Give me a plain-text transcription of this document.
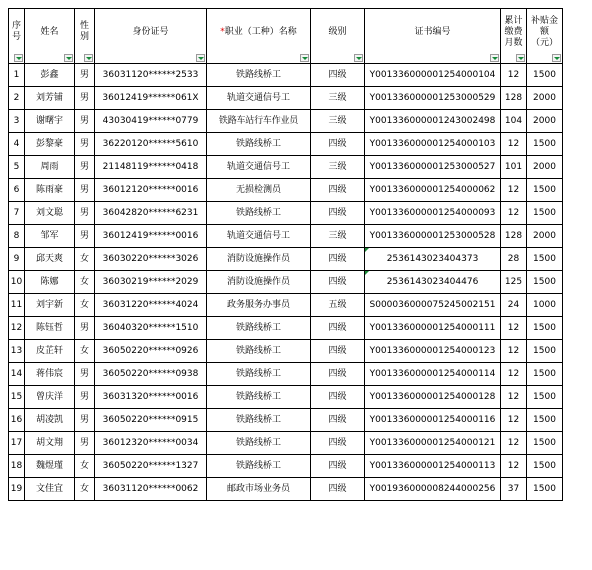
序号	姓名	性别	身份证号	*职业（工种）名称	级别	证书编号	累计缴费月数	补贴金额（元）

1	彭鑫	男	36031120******2533	铁路线桥工	四级	Y001336000001254000104	12	1500
2	刘芳铺	男	36012419******061X	轨道交通信号工	三级	Y001336000001253000529	128	2000
3	谢曙宇	男	43030419******0779	铁路车站行车作业员	三级	Y001336000001243002498	104	2000
4	彭黎豪	男	36220120******5610	铁路线桥工	四级	Y001336000001254000103	12	1500
5	周雨	男	21148119******0418	轨道交通信号工	三级	Y001336000001253000527	101	2000
6	陈雨豪	男	36012120******0016	无损检测员	四级	Y001336000001254000062	12	1500
7	刘文聪	男	36042820******6231	铁路线桥工	四级	Y001336000001254000093	12	1500
8	邹军	男	36012419******0016	轨道交通信号工	三级	Y001336000001253000528	128	2000
9	邱天爽	女	36030220******3026	消防设施操作员	四级	2536143023404373	28	1500
10	陈娜	女	36030219******2029	消防设施操作员	四级	2536143023404476	125	1500
11	刘宇新	女	36031220******4024	政务服务办事员	五级	S000036000075245002151	24	1000
12	陈钰哲	男	36040320******1510	铁路线桥工	四级	Y001336000001254000111	12	1500
13	皮芷轩	女	36050220******0926	铁路线桥工	四级	Y001336000001254000123	12	1500
14	蒋伟宸	男	36050220******0938	铁路线桥工	四级	Y001336000001254000114	12	1500
15	曾庆洋	男	36031320******0016	铁路线桥工	四级	Y001336000001254000128	12	1500
16	胡凌凯	男	36050220******0915	铁路线桥工	四级	Y001336000001254000116	12	1500
17	胡文翔	男	36012320******0034	铁路线桥工	四级	Y001336000001254000121	12	1500
18	魏煜瑾	女	36050220******1327	铁路线桥工	四级	Y001336000001254000113	12	1500
19	文佳宜	女	36031120******0062	邮政市场业务员	四级	Y001936000008244000256	37	1500
